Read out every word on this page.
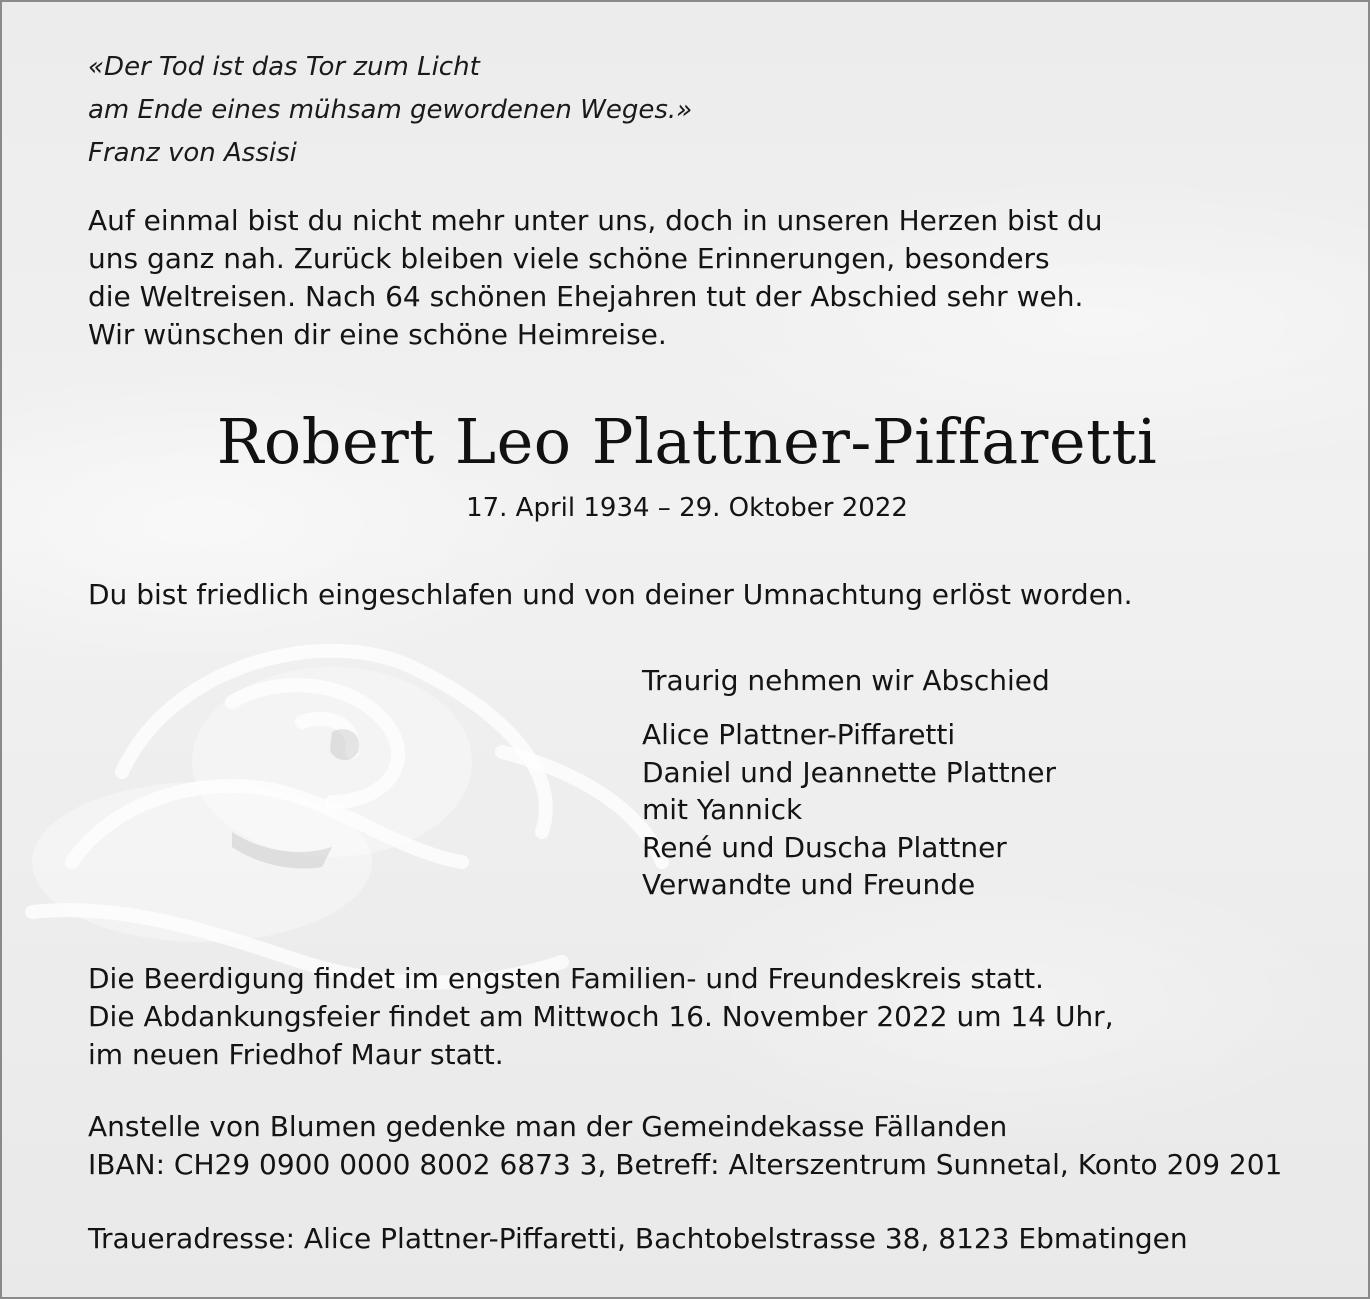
«Der Tod ist das Tor zum Licht
am Ende eines mühsam gewordenen Weges.»
Franz von Assisi
Auf einmal bist du nicht mehr unter uns, doch in unseren Herzen bist du
uns ganz nah. Zurück bleiben viele schöne Erinnerungen, besonders
die Weltreisen. Nach 64 schönen Ehejahren tut der Abschied sehr weh.
Wir wünschen dir eine schöne Heimreise.
Robert Leo Plattner-Piffaretti
17. April 1934 – 29. Oktober 2022
Du bist friedlich eingeschlafen und von deiner Umnachtung erlöst worden.
Traurig nehmen wir Abschied
Alice Plattner-Piffaretti
Daniel und Jeannette Plattner
mit Yannick
René und Duscha Plattner
Verwandte und Freunde
Die Beerdigung findet im engsten Familien- und Freundeskreis statt.
Die Abdankungsfeier findet am Mittwoch 16. November 2022 um 14 Uhr,
im neuen Friedhof Maur statt.
Anstelle von Blumen gedenke man der Gemeindekasse Fällanden
IBAN: CH29 0900 0000 8002 6873 3, Betreff: Alterszentrum Sunnetal, Konto 209 201
Traueradresse: Alice Plattner-Piffaretti, Bachtobelstrasse 38, 8123 Ebmatingen
